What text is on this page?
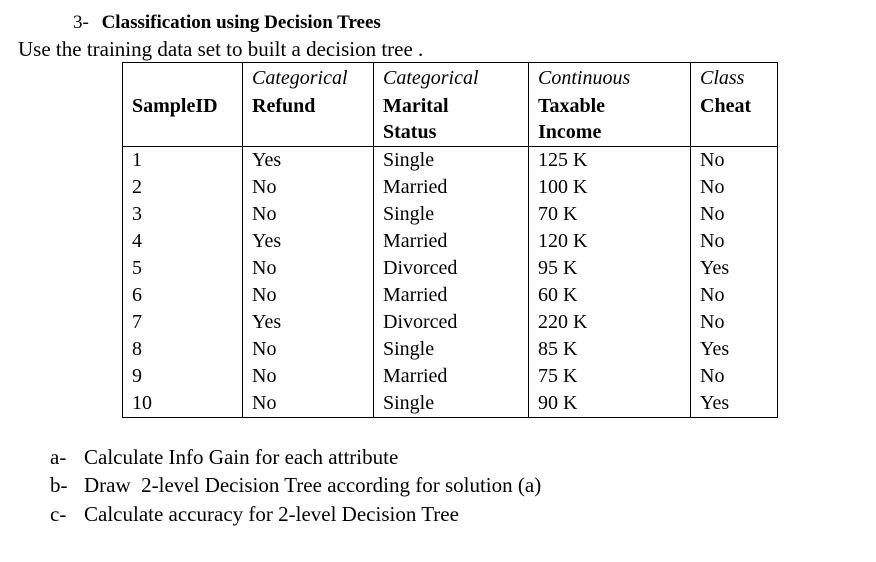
3- Classification using Decision Trees
Use the training data set to built a decision tree .
	Categorical	Categorical	Continuous	Class
SampleID	Refund	Marital	Taxable	Cheat
		Status	Income	
1	Yes	Single	125 K	No
2	No	Married	100 K	No
3	No	Single	70 K	No
4	Yes	Married	120 K	No
5	No	Divorced	95 K	Yes
6	No	Married	60 K	No
7	Yes	Divorced	220 K	No
8	No	Single	85 K	Yes
9	No	Married	75 K	No
10	No	Single	90 K	Yes
a- Calculate Info Gain for each attribute
b- Draw  2-level Decision Tree according for solution (a)
c- Calculate accuracy for 2-level Decision Tree
